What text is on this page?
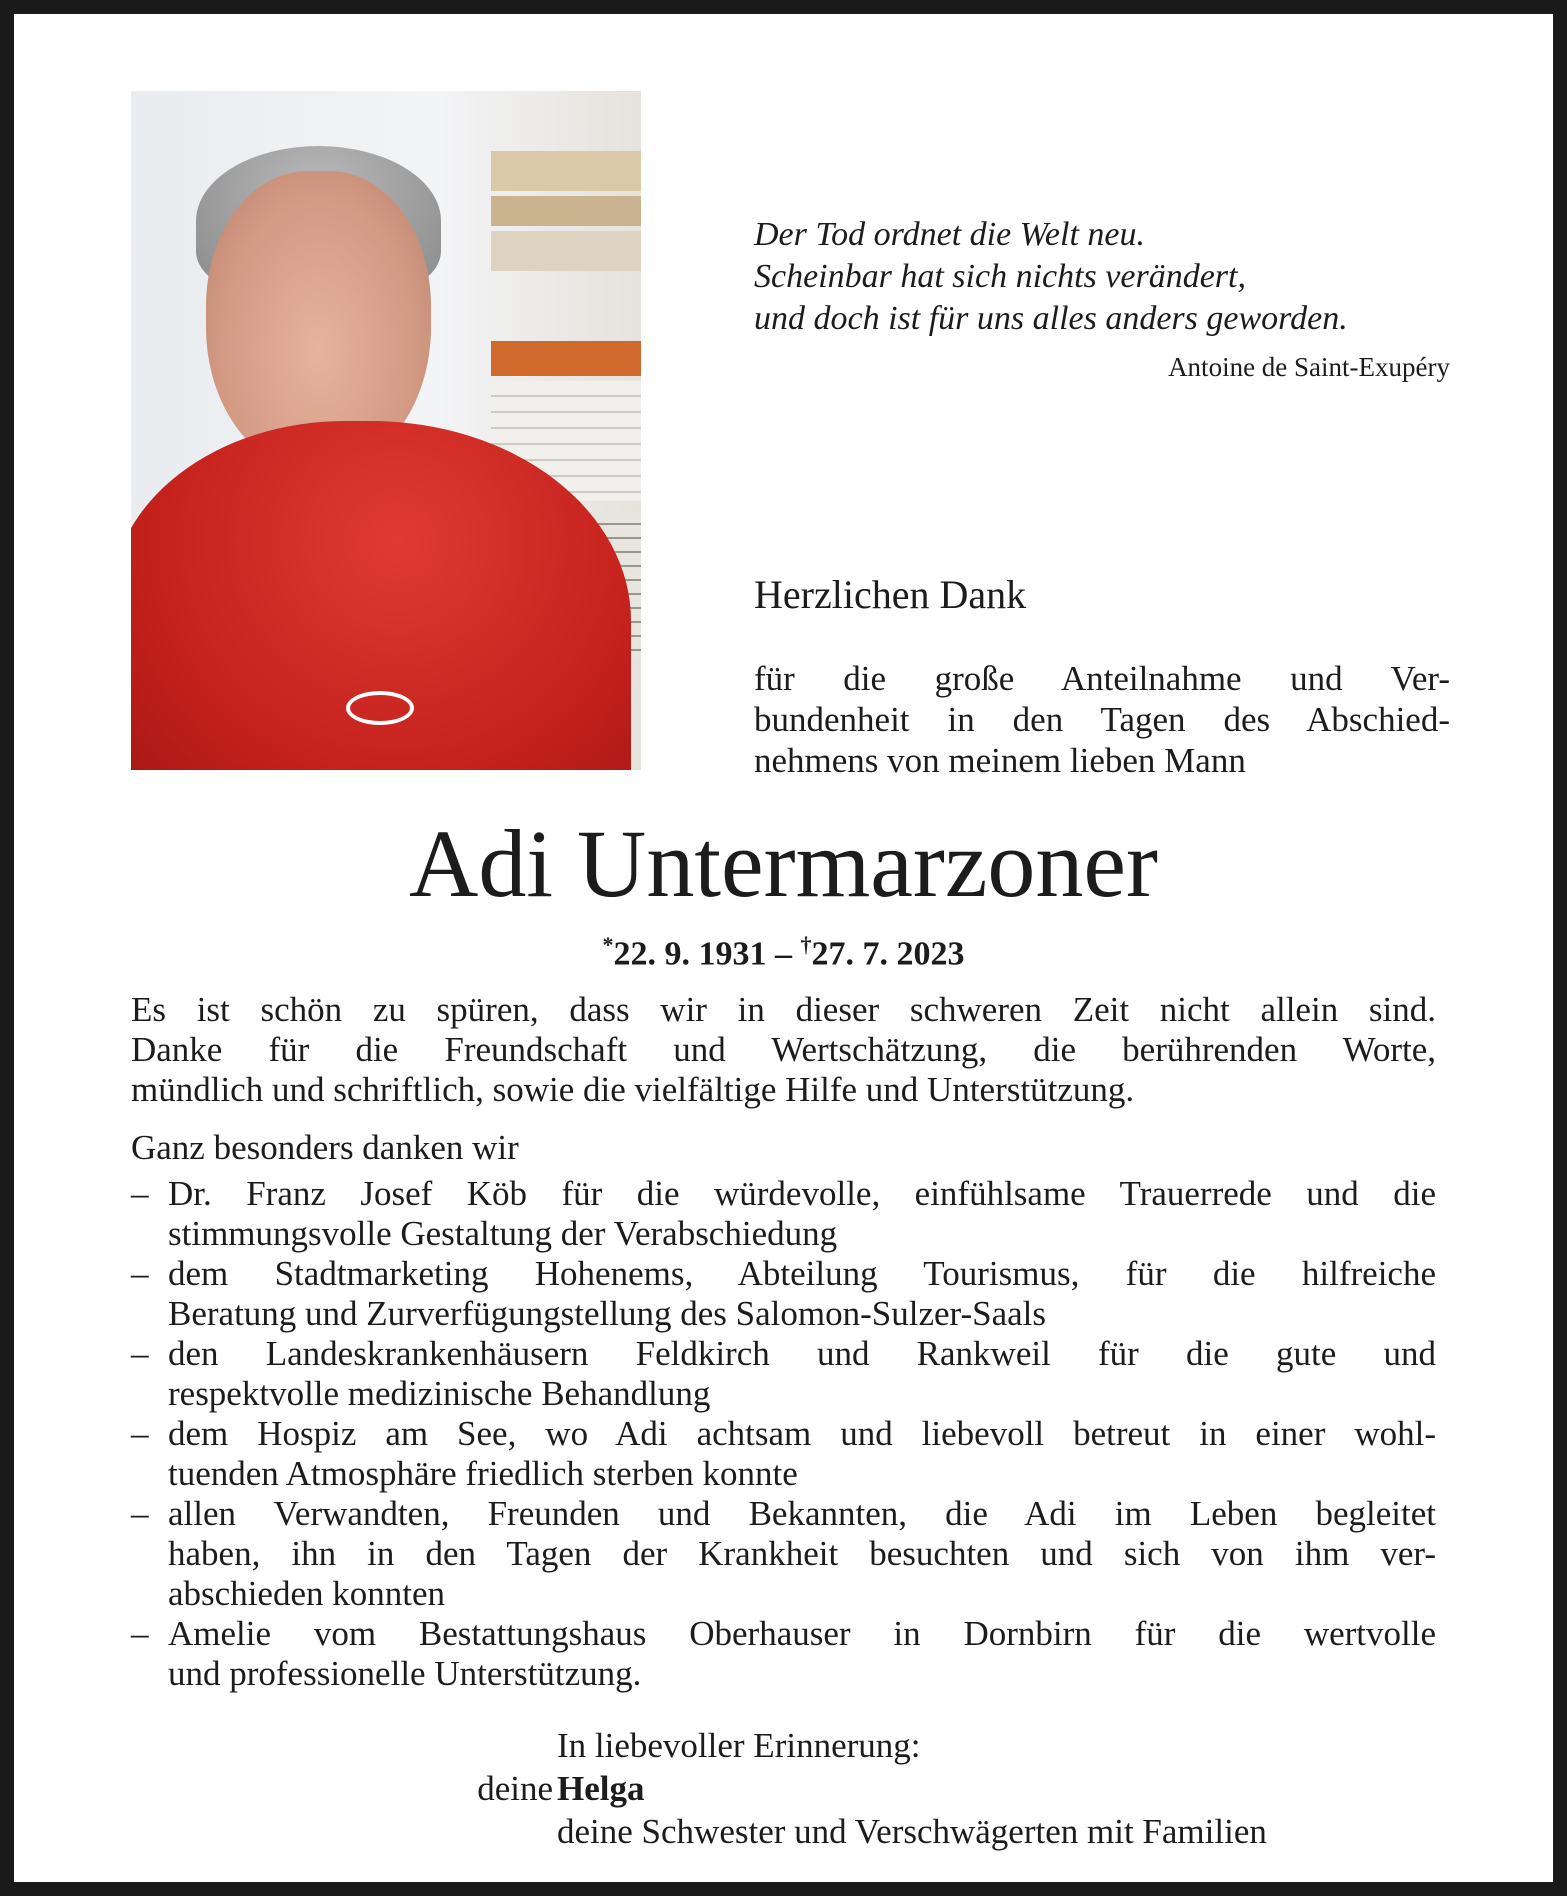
Der Tod ordnet die Welt neu.
Scheinbar hat sich nichts verändert,
und doch ist für uns alles anders geworden.
Antoine de Saint-Exupéry
Herzlichen Dank
für die große Anteilnahme und Ver-
bundenheit in den Tagen des Abschied-
nehmens von meinem lieben Mann
Adi Untermarzoner
*22. 9. 1931 – †27. 7. 2023
Es ist schön zu spüren, dass wir in dieser schweren Zeit nicht allein sind.
Danke für die Freundschaft und Wertschätzung, die berührenden Worte,
mündlich und schriftlich, sowie die vielfältige Hilfe und Unterstützung.
Ganz besonders danken wir
– Dr. Franz Josef Köb für die würdevolle, einfühlsame Trauerrede und die
stimmungsvolle Gestaltung der Verabschiedung
– dem Stadtmarketing Hohenems, Abteilung Tourismus, für die hilfreiche
Beratung und Zurverfügungstellung des Salomon-Sulzer-Saals
– den Landeskrankenhäusern Feldkirch und Rankweil für die gute und
respektvolle medizinische Behandlung
– dem Hospiz am See, wo Adi achtsam und liebevoll betreut in einer wohl-
tuenden Atmosphäre friedlich sterben konnte
– allen Verwandten, Freunden und Bekannten, die Adi im Leben begleitet
haben, ihn in den Tagen der Krankheit besuchten und sich von ihm ver-
abschieden konnten
– Amelie vom Bestattungshaus Oberhauser in Dornbirn für die wertvolle
und professionelle Unterstützung.
In liebevoller Erinnerung:
deine Helga
deine Schwester und Verschwägerten mit Familien
